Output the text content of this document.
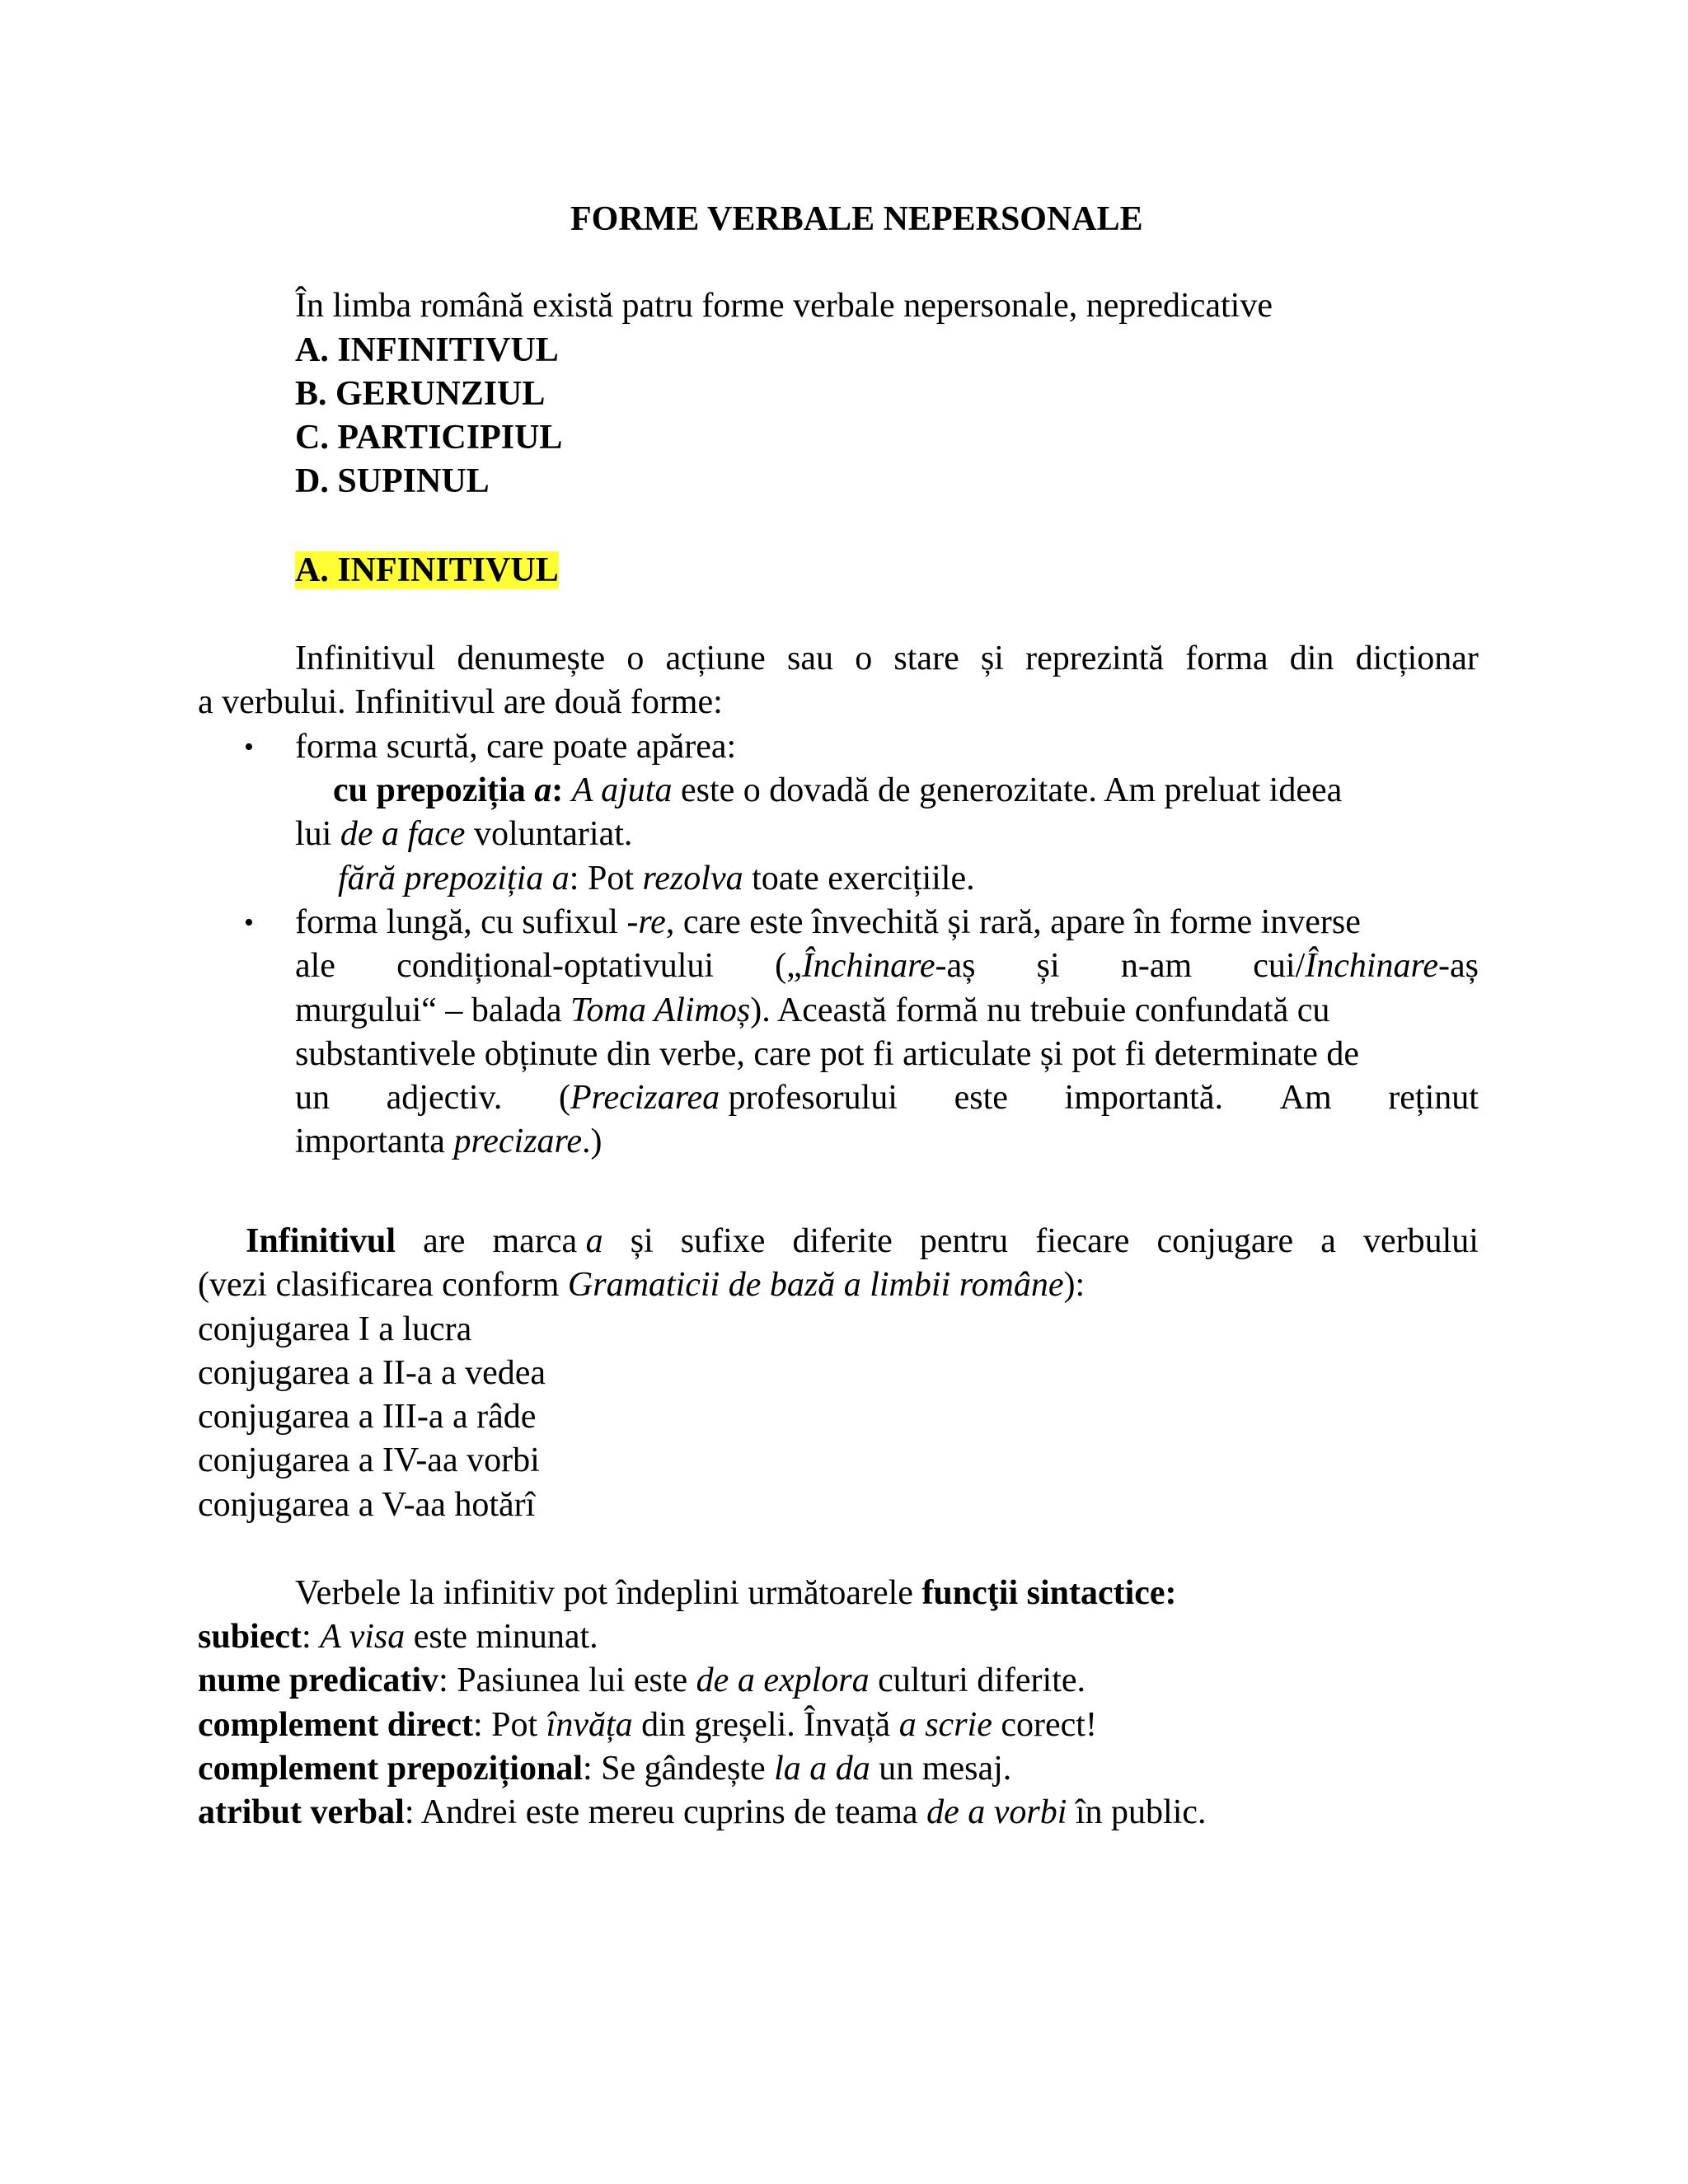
FORME VERBALE NEPERSONALE
În limba română există patru forme verbale nepersonale, nepredicative
A. INFINITIVUL
B. GERUNZIUL
C. PARTICIPIUL
D. SUPINUL
A. INFINITIVUL
Infinitivul denumește o acțiune sau o stare și reprezintă forma din dicționar
a verbului. Infinitivul are două forme:
• forma scurtă, care poate apărea:
cu prepoziția a: A ajuta este o dovadă de generozitate. Am preluat ideea
lui de a face voluntariat.
fără prepoziția a: Pot rezolva toate exercițiile.
• forma lungă, cu sufixul -re, care este învechită și rară, apare în forme inverse
ale condițional-optativului („Închinare-aș și n-am cui/Închinare-aș
murgului“ – balada Toma Alimoș). Această formă nu trebuie confundată cu
substantivele obținute din verbe, care pot fi articulate și pot fi determinate de
un adjectiv. (Precizarea profesorului este importantă. Am reținut
importanta precizare.)
Infinitivul are marca a și sufixe diferite pentru fiecare conjugare a verbului
(vezi clasificarea conform Gramaticii de bază a limbii române):
conjugarea I a lucra
conjugarea a II-a a vedea
conjugarea a III-a a râde
conjugarea a IV-aa vorbi
conjugarea a V-aa hotărî
Verbele la infinitiv pot îndeplini următoarele funcţii sintactice:
subiect: A visa este minunat.
nume predicativ: Pasiunea lui este de a explora culturi diferite.
complement direct: Pot învăța din greșeli. Învață a scrie corect!
complement prepozițional: Se gândește la a da un mesaj.
atribut verbal: Andrei este mereu cuprins de teama de a vorbi în public.
